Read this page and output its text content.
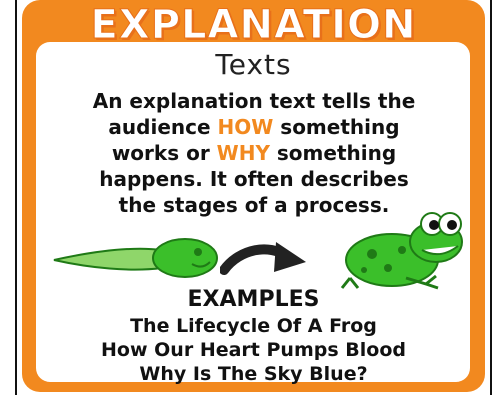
EXPLANATION
Texts
An explanation text tells the
audience HOW something
works or WHY something
happens. It often describes
the stages of a process.
EXAMPLES
The Lifecycle Of A Frog
How Our Heart Pumps Blood
Why Is The Sky Blue?
